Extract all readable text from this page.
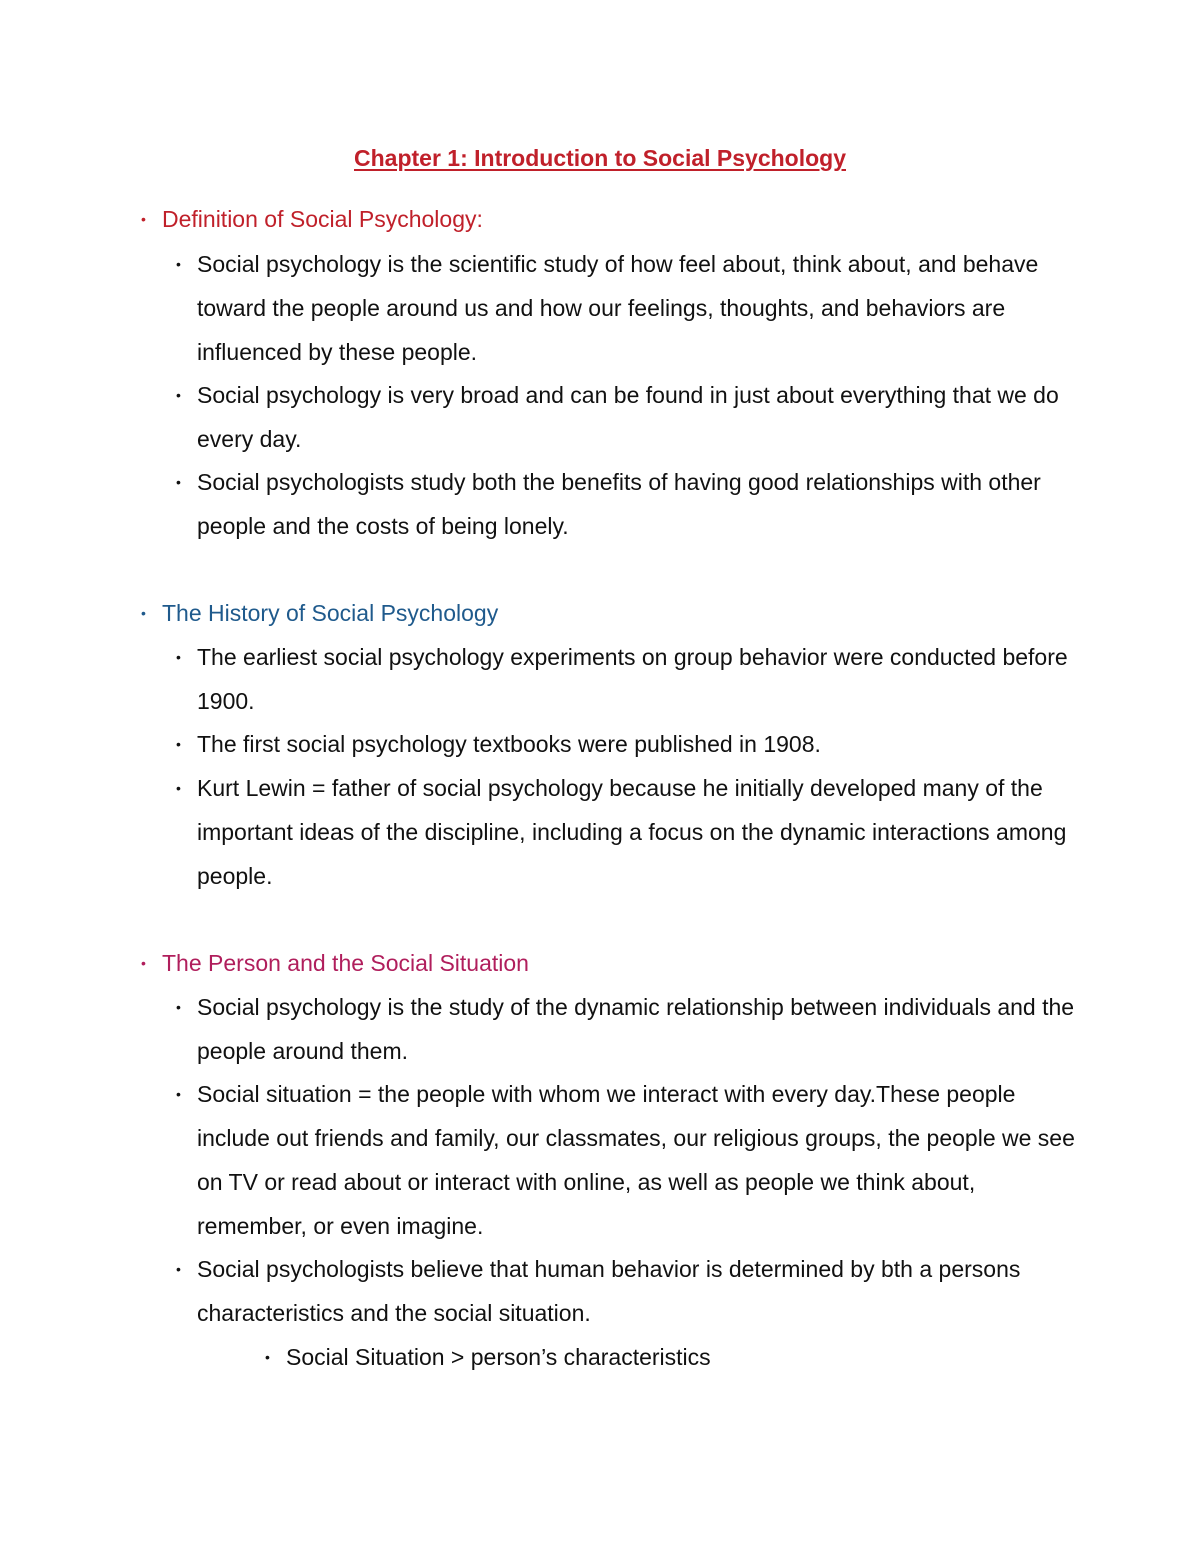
Chapter 1: Introduction to Social Psychology
• Definition of Social Psychology:
• Social psychology is the scientific study of how feel about, think about, and behave toward the people around us and how our feelings, thoughts, and behaviors are influenced by these people.
• Social psychology is very broad and can be found in just about everything that we do every day.
• Social psychologists study both the benefits of having good relationships with other people and the costs of being lonely.
• The History of Social Psychology
• The earliest social psychology experiments on group behavior were conducted before 1900.
• The first social psychology textbooks were published in 1908.
• Kurt Lewin = father of social psychology because he initially developed many of the important ideas of the discipline, including a focus on the dynamic interactions among people.
• The Person and the Social Situation
• Social psychology is the study of the dynamic relationship between individuals and the people around them.
• Social situation = the people with whom we interact with every day.These people include out friends and family, our classmates, our religious groups, the people we see on TV or read about or interact with online, as well as people we think about, remember, or even imagine.
• Social psychologists believe that human behavior is determined by bth a persons characteristics and the social situation.
• Social Situation > person’s characteristics
